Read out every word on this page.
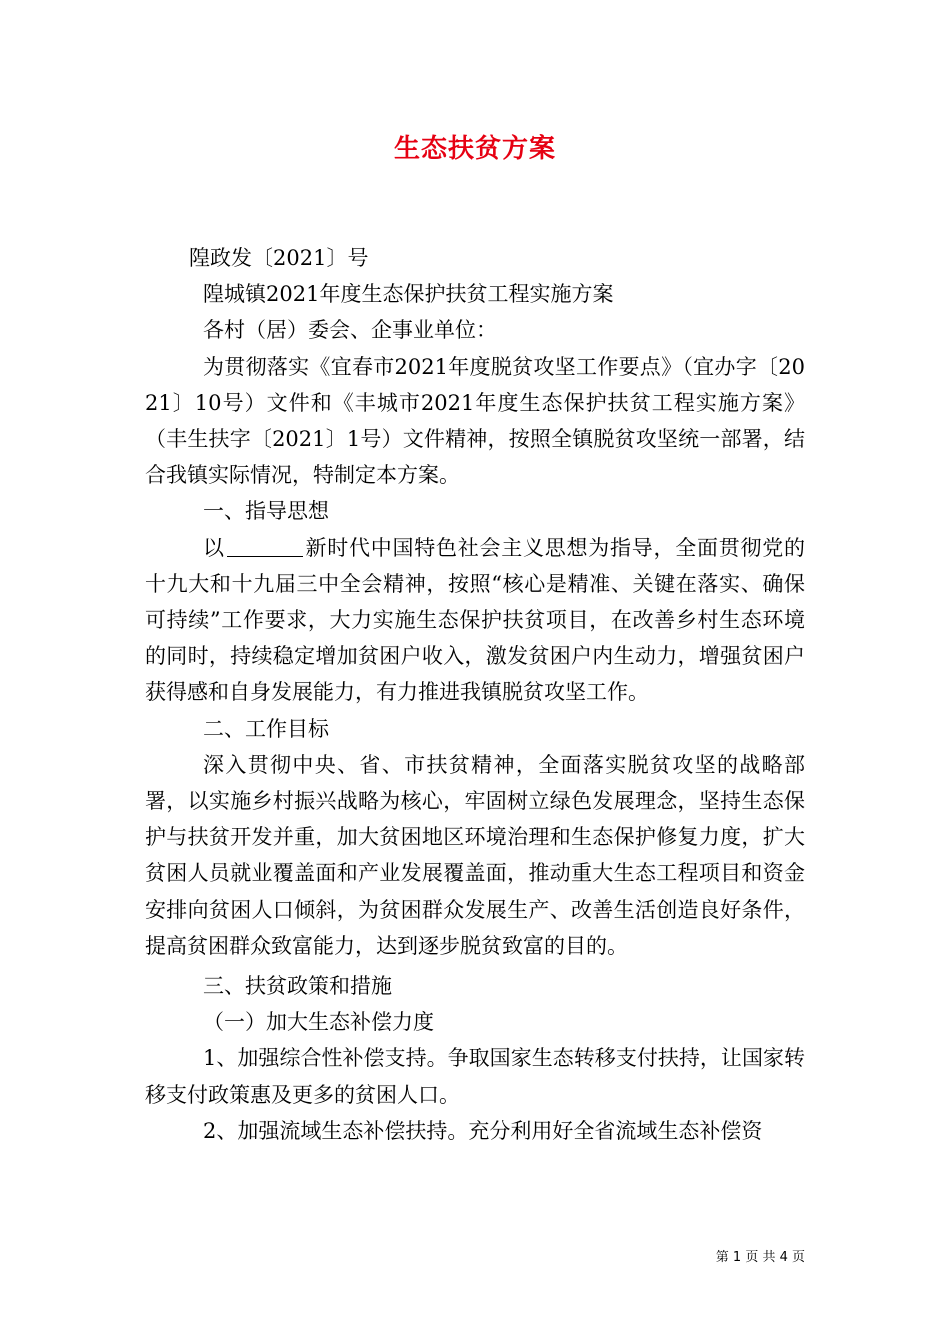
生态扶贫方案

隍政发〔2021〕号

隍城镇2021年度生态保护扶贫工程实施方案

各村（居）委会、企事业单位：

为贯彻落实《宜春市2021年度脱贫攻坚工作要点》（宜办字〔2021〕10号）文件和《丰城市2021年度生态保护扶贫工程实施方案》（丰生扶字〔2021〕1号）文件精神，按照全镇脱贫攻坚统一部署，结合我镇实际情况，特制定本方案。

一、指导思想

以	新时代中国特色社会主义思想为指导，全面贯彻党的十九大和十九届三中全会精神，按照“核心是精准、关键在落实、确保可持续”工作要求，大力实施生态保护扶贫项目，在改善乡村生态环境的同时，持续稳定增加贫困户收入，激发贫困户内生动力，增强贫困户获得感和自身发展能力，有力推进我镇脱贫攻坚工作。

二、工作目标

深入贯彻中央、省、市扶贫精神，全面落实脱贫攻坚的战略部署，以实施乡村振兴战略为核心，牢固树立绿色发展理念，坚持生态保护与扶贫开发并重，加大贫困地区环境治理和生态保护修复力度，扩大贫困人员就业覆盖面和产业发展覆盖面，推动重大生态工程项目和资金安排向贫困人口倾斜，为贫困群众发展生产、改善生活创造良好条件，提高贫困群众致富能力，达到逐步脱贫致富的目的。

三、扶贫政策和措施

（一）加大生态补偿力度

1、加强综合性补偿支持。争取国家生态转移支付扶持，让国家转移支付政策惠及更多的贫困人口。

2、加强流域生态补偿扶持。充分利用好全省流域生态补偿资

第 1 页 共 4 页
